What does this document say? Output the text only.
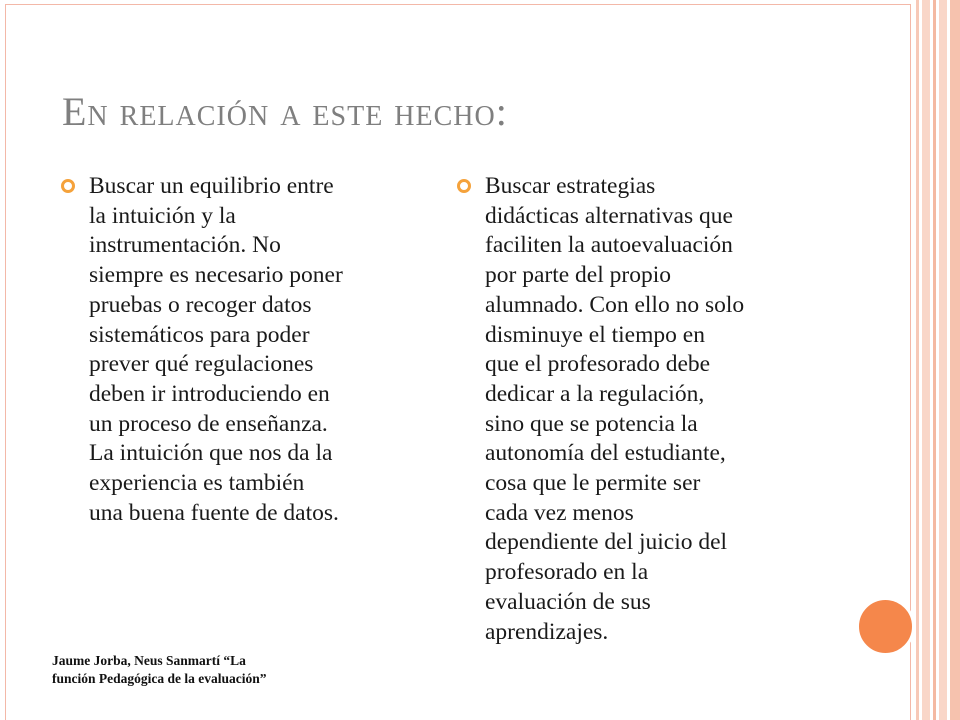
En relación a este hecho:
Buscar un equilibrio entre
la intuición y la
instrumentación. No
siempre es necesario poner
pruebas o recoger datos
sistemáticos para poder
prever qué regulaciones
deben ir introduciendo en
un proceso de enseñanza.
La intuición que nos da la
experiencia es también
una buena fuente de datos.
Buscar estrategias
didácticas alternativas que
faciliten la autoevaluación
por parte del propio
alumnado. Con ello no solo
disminuye el tiempo en
que el profesorado debe
dedicar a la regulación,
sino que se potencia la
autonomía del estudiante,
cosa que le permite ser
cada vez menos
dependiente del juicio del
profesorado en la
evaluación de sus
aprendizajes.
Jaume Jorba, Neus Sanmartí “La
función Pedagógica de la evaluación”
